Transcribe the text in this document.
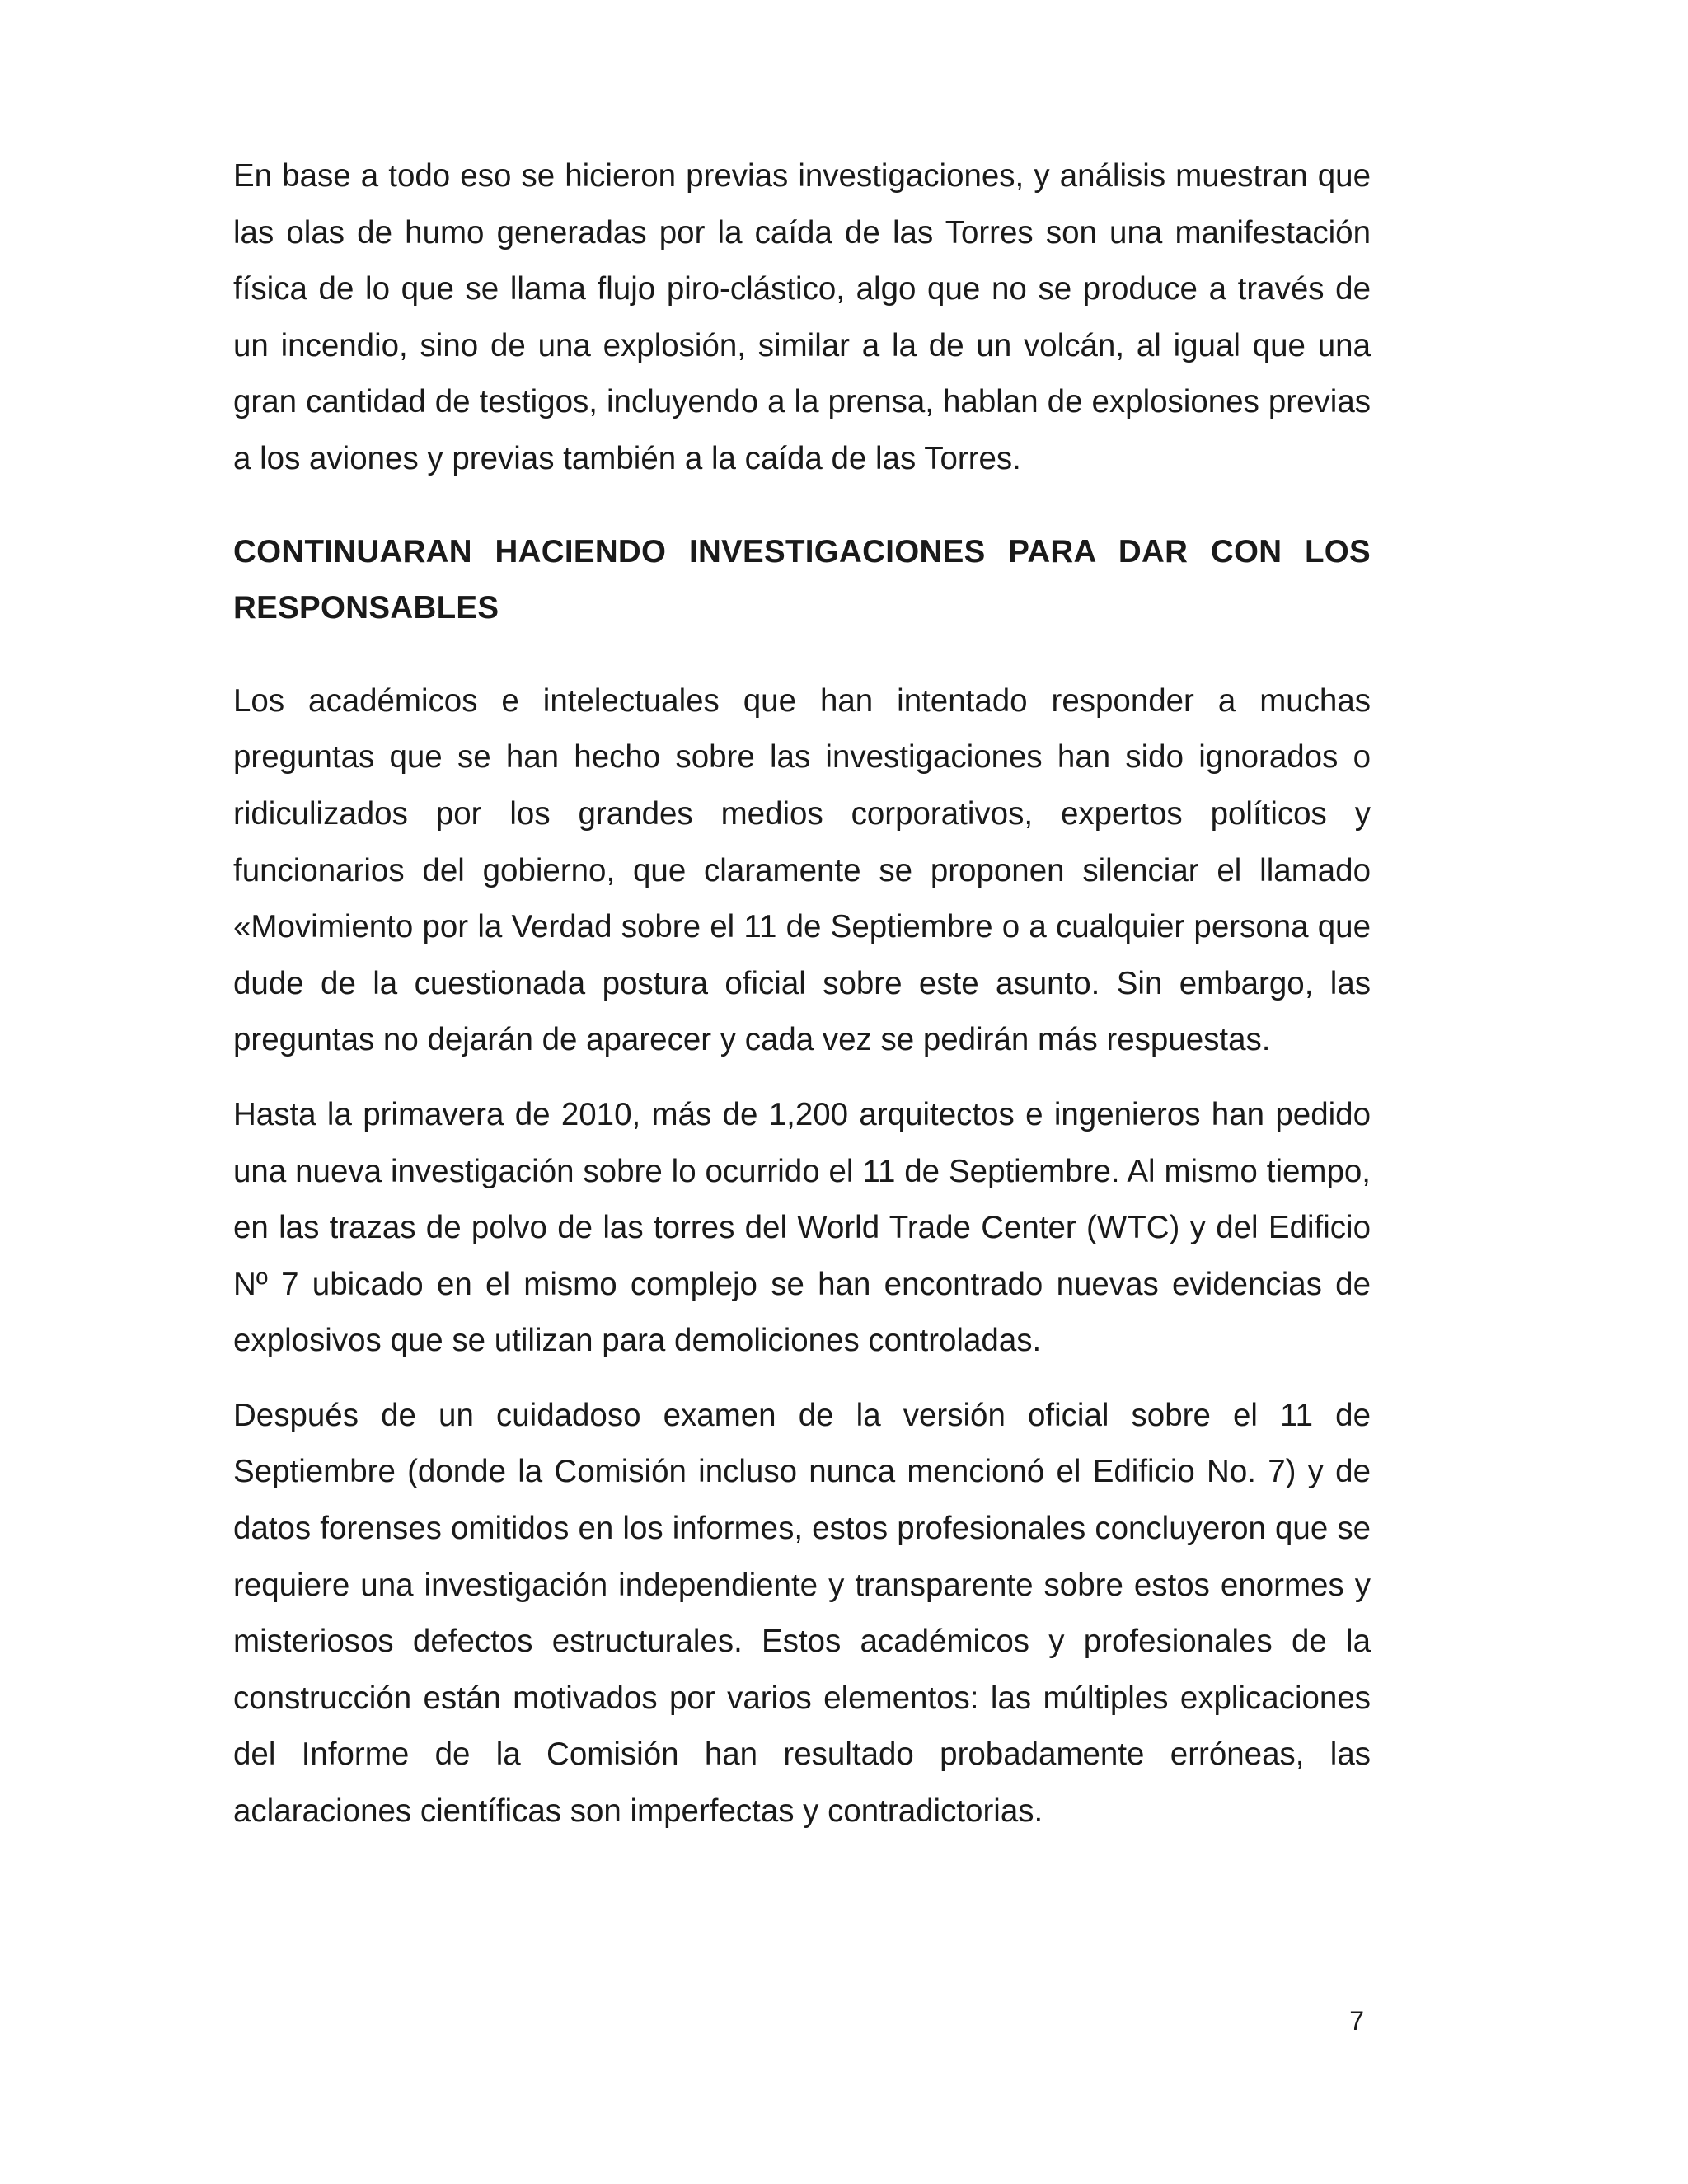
En base a todo eso se hicieron previas investigaciones, y análisis muestran que las olas de humo generadas por la caída de las Torres son una manifestación física de lo que se llama flujo piro-clástico, algo que no se produce a través de un incendio, sino de una explosión, similar a la de un volcán, al igual que una gran cantidad de testigos, incluyendo a la prensa, hablan de explosiones previas a los aviones y previas también a la caída de las Torres.

CONTINUARAN HACIENDO INVESTIGACIONES PARA DAR CON LOS RESPONSABLES

Los académicos e intelectuales que han intentado responder a muchas preguntas que se han hecho sobre las investigaciones han sido ignorados o ridiculizados por los grandes medios corporativos, expertos políticos y funcionarios del gobierno, que claramente se proponen silenciar el llamado «Movimiento por la Verdad sobre el 11 de Septiembre o a cualquier persona que dude de la cuestionada postura oficial sobre este asunto. Sin embargo, las preguntas no dejarán de aparecer y cada vez se pedirán más respuestas.

Hasta la primavera de 2010, más de 1,200 arquitectos e ingenieros han pedido una nueva investigación sobre lo ocurrido el 11 de Septiembre. Al mismo tiempo, en las trazas de polvo de las torres del World Trade Center (WTC) y del Edificio Nº 7 ubicado en el mismo complejo se han encontrado nuevas evidencias de explosivos que se utilizan para demoliciones controladas.

Después de un cuidadoso examen de la versión oficial sobre el 11 de Septiembre (donde la Comisión incluso nunca mencionó el Edificio No. 7) y de datos forenses omitidos en los informes, estos profesionales concluyeron que se requiere una investigación independiente y transparente sobre estos enormes y misteriosos defectos estructurales. Estos académicos y profesionales de la construcción están motivados por varios elementos: las múltiples explicaciones del Informe de la Comisión han resultado probadamente erróneas, las aclaraciones científicas son imperfectas y contradictorias.

7
